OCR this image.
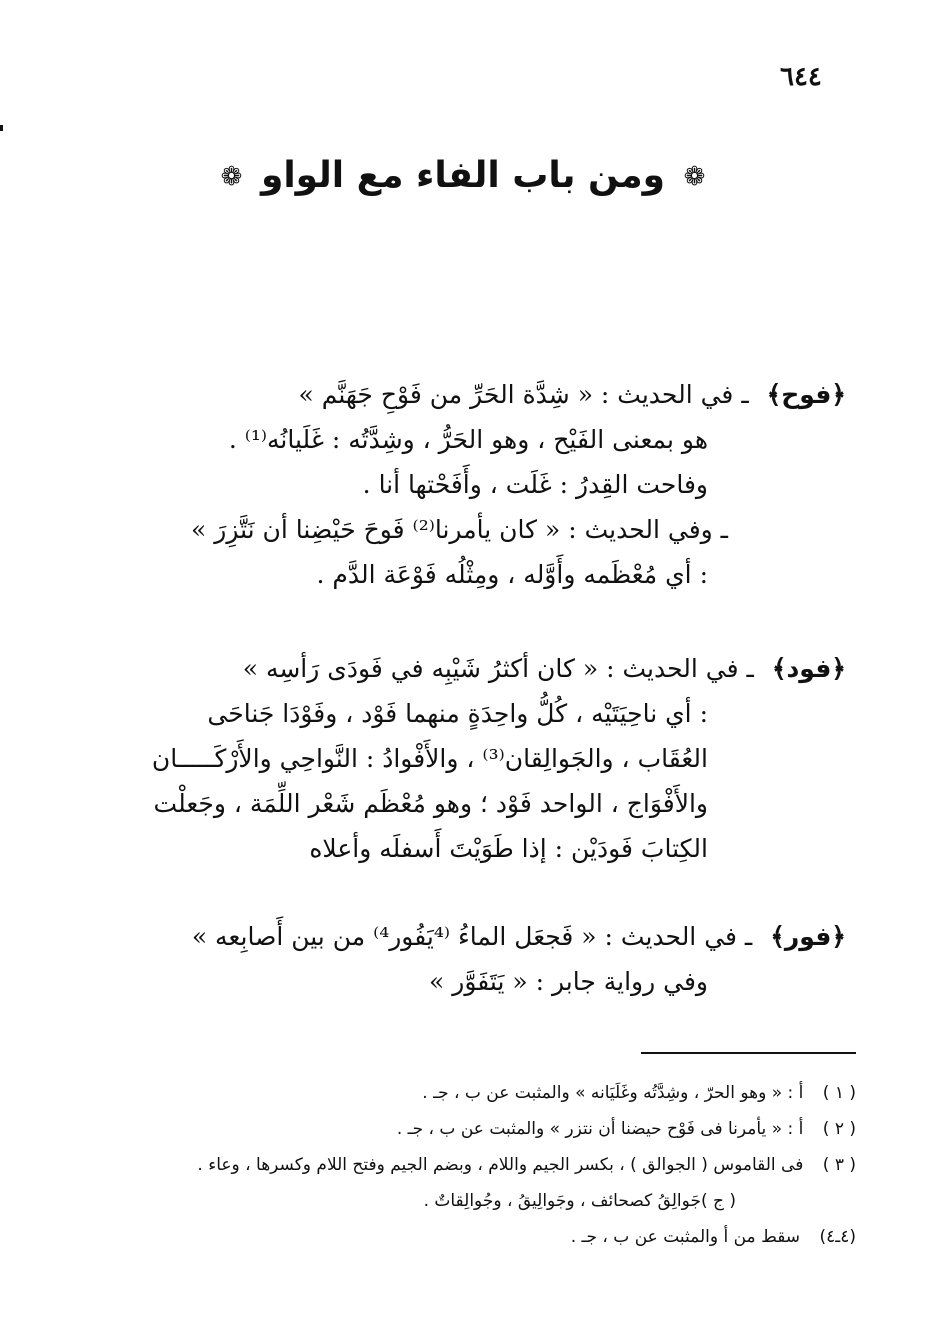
٦٤٤
❁ ومن باب الفاء مع الواو ❁
﴿فوح﴾
ـ في الحديث : « شِدَّة الحَرِّ من فَوْحِ جَهَنَّم »
هو بمعنى الفَيْح ، وهو الحَرُّ ، وشِدَّتُه : غَلَيانُه⁽¹⁾ .
وفاحت القِدرُ : غَلَت ، وأَفَحْتها أنا .
ـ وفي الحديث : « كان يأمرنا⁽²⁾ فَوحَ حَيْضِنا أن نَتَّزِرَ »
: أي مُعْظَمه وأَوَّله ، ومِثْلُه فَوْعَة الدَّم .
﴿فود﴾
ـ في الحديث : « كان أكثرُ شَيْبِه في فَودَى رَأسِه »
: أي ناحِيَتَيْه ، كُلُّ واحِدَةٍ منهما فَوْد ، وفَوْدَا جَناحَى
العُقَاب ، والجَوالِقان⁽³⁾ ، والأَفْوادُ : النَّواحِي والأَرْكَـــــان
والأَفْوَاج ، الواحد فَوْد ؛ وهو مُعْظَم شَعْر اللِّمَة ، وجَعلْت
الكِتابَ فَودَيْن : إذا طَوَيْتَ أَسفلَه وأعلاه
﴿فور﴾
ـ في الحديث : « فَجعَل الماءُ ⁽⁴يَفُور⁴⁾ من بين أَصابِعه »
وفي رواية جابر : « يَتَفَوَّر »
( ١ ) أ : « وهو الحرّ ، وشِدَّتُه وغَلَيَانه » والمثبت عن ب ، جـ .
( ٢ ) أ : « يأمرنا فى فَوْح حيضنا أن نتزر » والمثبت عن ب ، جـ .
( ٣ ) فى القاموس ( الجوالق ) ، بكسر الجيم واللام ، وبضم الجيم وفتح اللام وكسرها ، وعاء .
( ج )جَوالِقُ كصحائف ، وجَوالِيقُ ، وجُوالِقاتٌ .
(٤ـ٤) سقط من أ والمثبت عن ب ، جـ .
